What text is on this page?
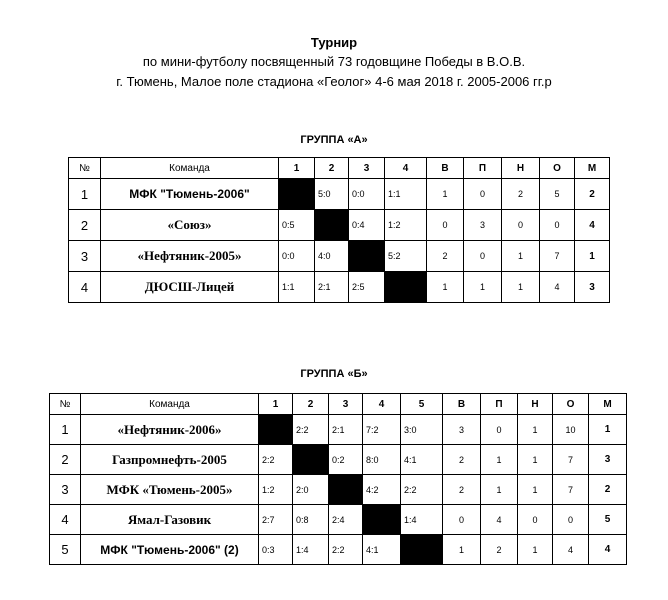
Турнир
по мини-футболу посвященный 73 годовщине Победы в В.О.В.
г. Тюмень, Малое поле стадиона «Геолог» 4-6 мая 2018 г. 2005-2006 гг.р
ГРУППА «А»
№	Команда	1	2	3	4	В	П	Н	О	М
1	МФК "Тюмень-2006"		5:0	0:0	1:1	1	0	2	5	2
2	«Союз»	0:5		0:4	1:2	0	3	0	0	4
3	«Нефтяник-2005»	0:0	4:0		5:2	2	0	1	7	1
4	ДЮСШ-Лицей	1:1	2:1	2:5		1	1	1	4	3
ГРУППА «Б»
№	Команда	1	2	3	4	5	В	П	Н	О	М
1	«Нефтяник-2006»		2:2	2:1	7:2	3:0	3	0	1	10	1
2	Газпромнефть-2005	2:2		0:2	8:0	4:1	2	1	1	7	3
3	МФК «Тюмень-2005»	1:2	2:0		4:2	2:2	2	1	1	7	2
4	Ямал-Газовик	2:7	0:8	2:4		1:4	0	4	0	0	5
5	МФК "Тюмень-2006" (2)	0:3	1:4	2:2	4:1		1	2	1	4	4
